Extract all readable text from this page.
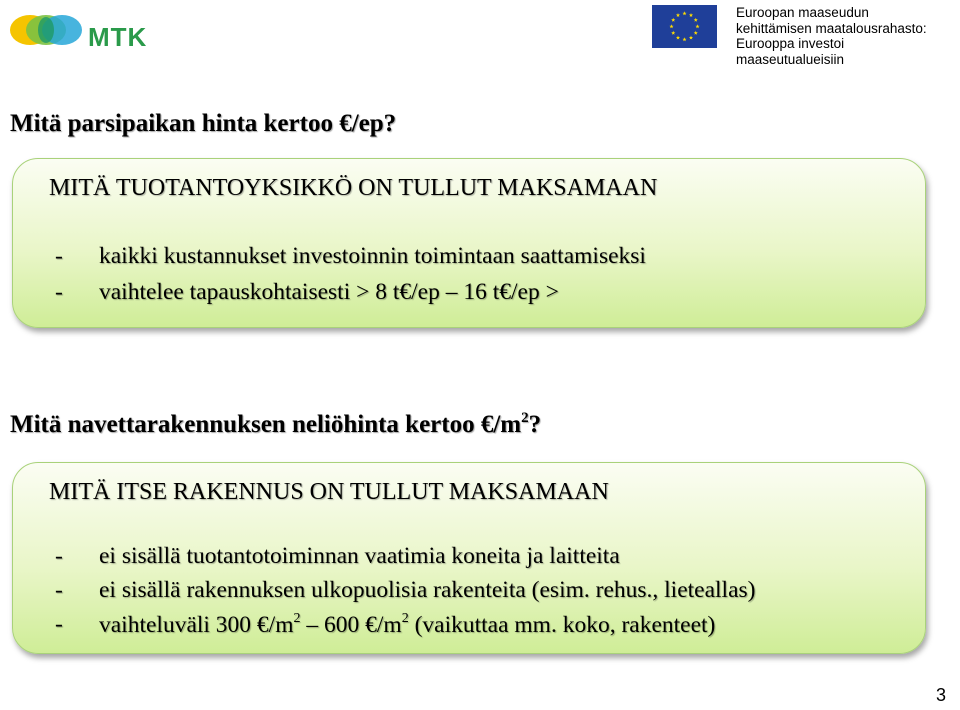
MTK
Euroopan maaseudun
kehittämisen maatalousrahasto:
Eurooppa investoi maaseutualueisiin
Mitä parsipaikan hinta kertoo €/ep?
MITÄ TUOTANTOYKSIKKÖ ON TULLUT MAKSAMAAN
- kaikki kustannukset investoinnin toimintaan saattamiseksi
- vaihtelee tapauskohtaisesti > 8 t€/ep – 16 t€/ep >
Mitä navettarakennuksen neliöhinta kertoo $€/m^2$?
MITÄ ITSE RAKENNUS ON TULLUT MAKSAMAAN
- ei sisällä tuotantotoiminnan vaatimia koneita ja laitteita
- ei sisällä rakennuksen ulkopuolisia rakenteita (esim. rehus., lieteallas)
- vaihteluväli 300 $€/m^2 - 600$ $€/m^2$ (vaikuttaa mm. koko, rakenteet)
3
